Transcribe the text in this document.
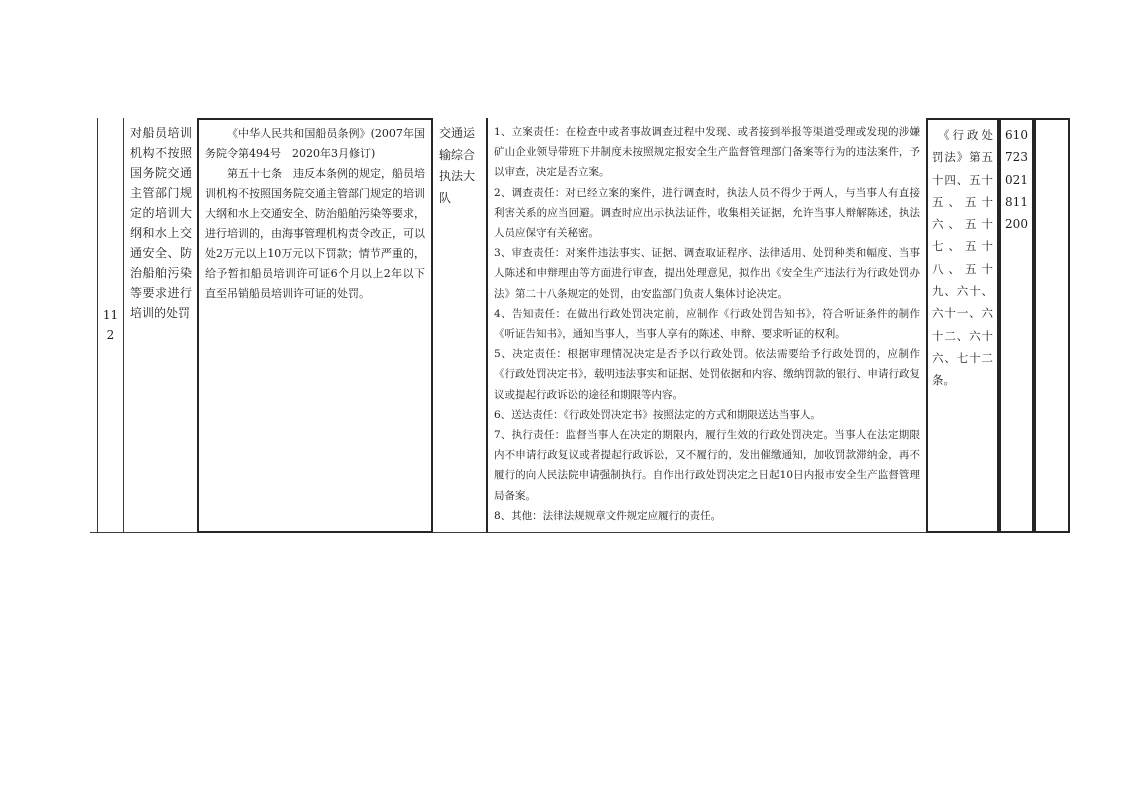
11
2
对船员培训机构不按照国务院交通主管部门规定的培训大纲和水上交通安全、防治船舶污染等要求进行培训的处罚

《中华人民共和国船员条例》(2007年国务院令第494号　2020年3月修订)

第五十七条　违反本条例的规定，船员培训机构不按照国务院交通主管部门规定的培训大纲和水上交通安全、防治船舶污染等要求，进行培训的，由海事管理机构责令改正，可以处2万元以上10万元以下罚款；情节严重的，给予暂扣船员培训许可证6个月以上2年以下直至吊销船员培训许可证的处罚。

交通运输综合执法大队

1、立案责任：在检查中或者事故调查过程中发现、或者接到举报等渠道受理或发现的涉嫌矿山企业领导带班下井制度未按照规定报安全生产监督管理部门备案等行为的违法案件，予以审查，决定是否立案。

2、调查责任：对已经立案的案件，进行调查时，执法人员不得少于两人，与当事人有直接利害关系的应当回避。调查时应出示执法证件，收集相关证据，允许当事人辩解陈述，执法人员应保守有关秘密。

3、审查责任：对案件违法事实、证据、调查取证程序、法律适用、处罚种类和幅度、当事人陈述和申辩理由等方面进行审查，提出处理意见，拟作出《安全生产违法行为行政处罚办法》第二十八条规定的处罚，由安监部门负责人集体讨论决定。

4、告知责任：在做出行政处罚决定前，应制作《行政处罚告知书》，符合听证条件的制作《听证告知书》，通知当事人，当事人享有的陈述、申辩、要求听证的权利。

5、决定责任：根据审理情况决定是否予以行政处罚。依法需要给予行政处罚的，应制作《行政处罚决定书》，载明违法事实和证据、处罚依据和内容、缴纳罚款的银行、申请行政复议或提起行政诉讼的途径和期限等内容。

6、送达责任：《行政处罚决定书》按照法定的方式和期限送达当事人。

7、执行责任：监督当事人在决定的期限内，履行生效的行政处罚决定。当事人在法定期限内不申请行政复议或者提起行政诉讼，又不履行的，发出催缴通知，加收罚款滞纳金，再不履行的向人民法院申请强制执行。自作出行政处罚决定之日起10日内报市安全生产监督管理局备案。

8、其他：法律法规规章文件规定应履行的责任。

《行政处罚法》第五十四、五十五、五十六、五十七、五十八、五十九、六十、六十一、六十二、六十六、七十二条。

610
723
021
811
200
